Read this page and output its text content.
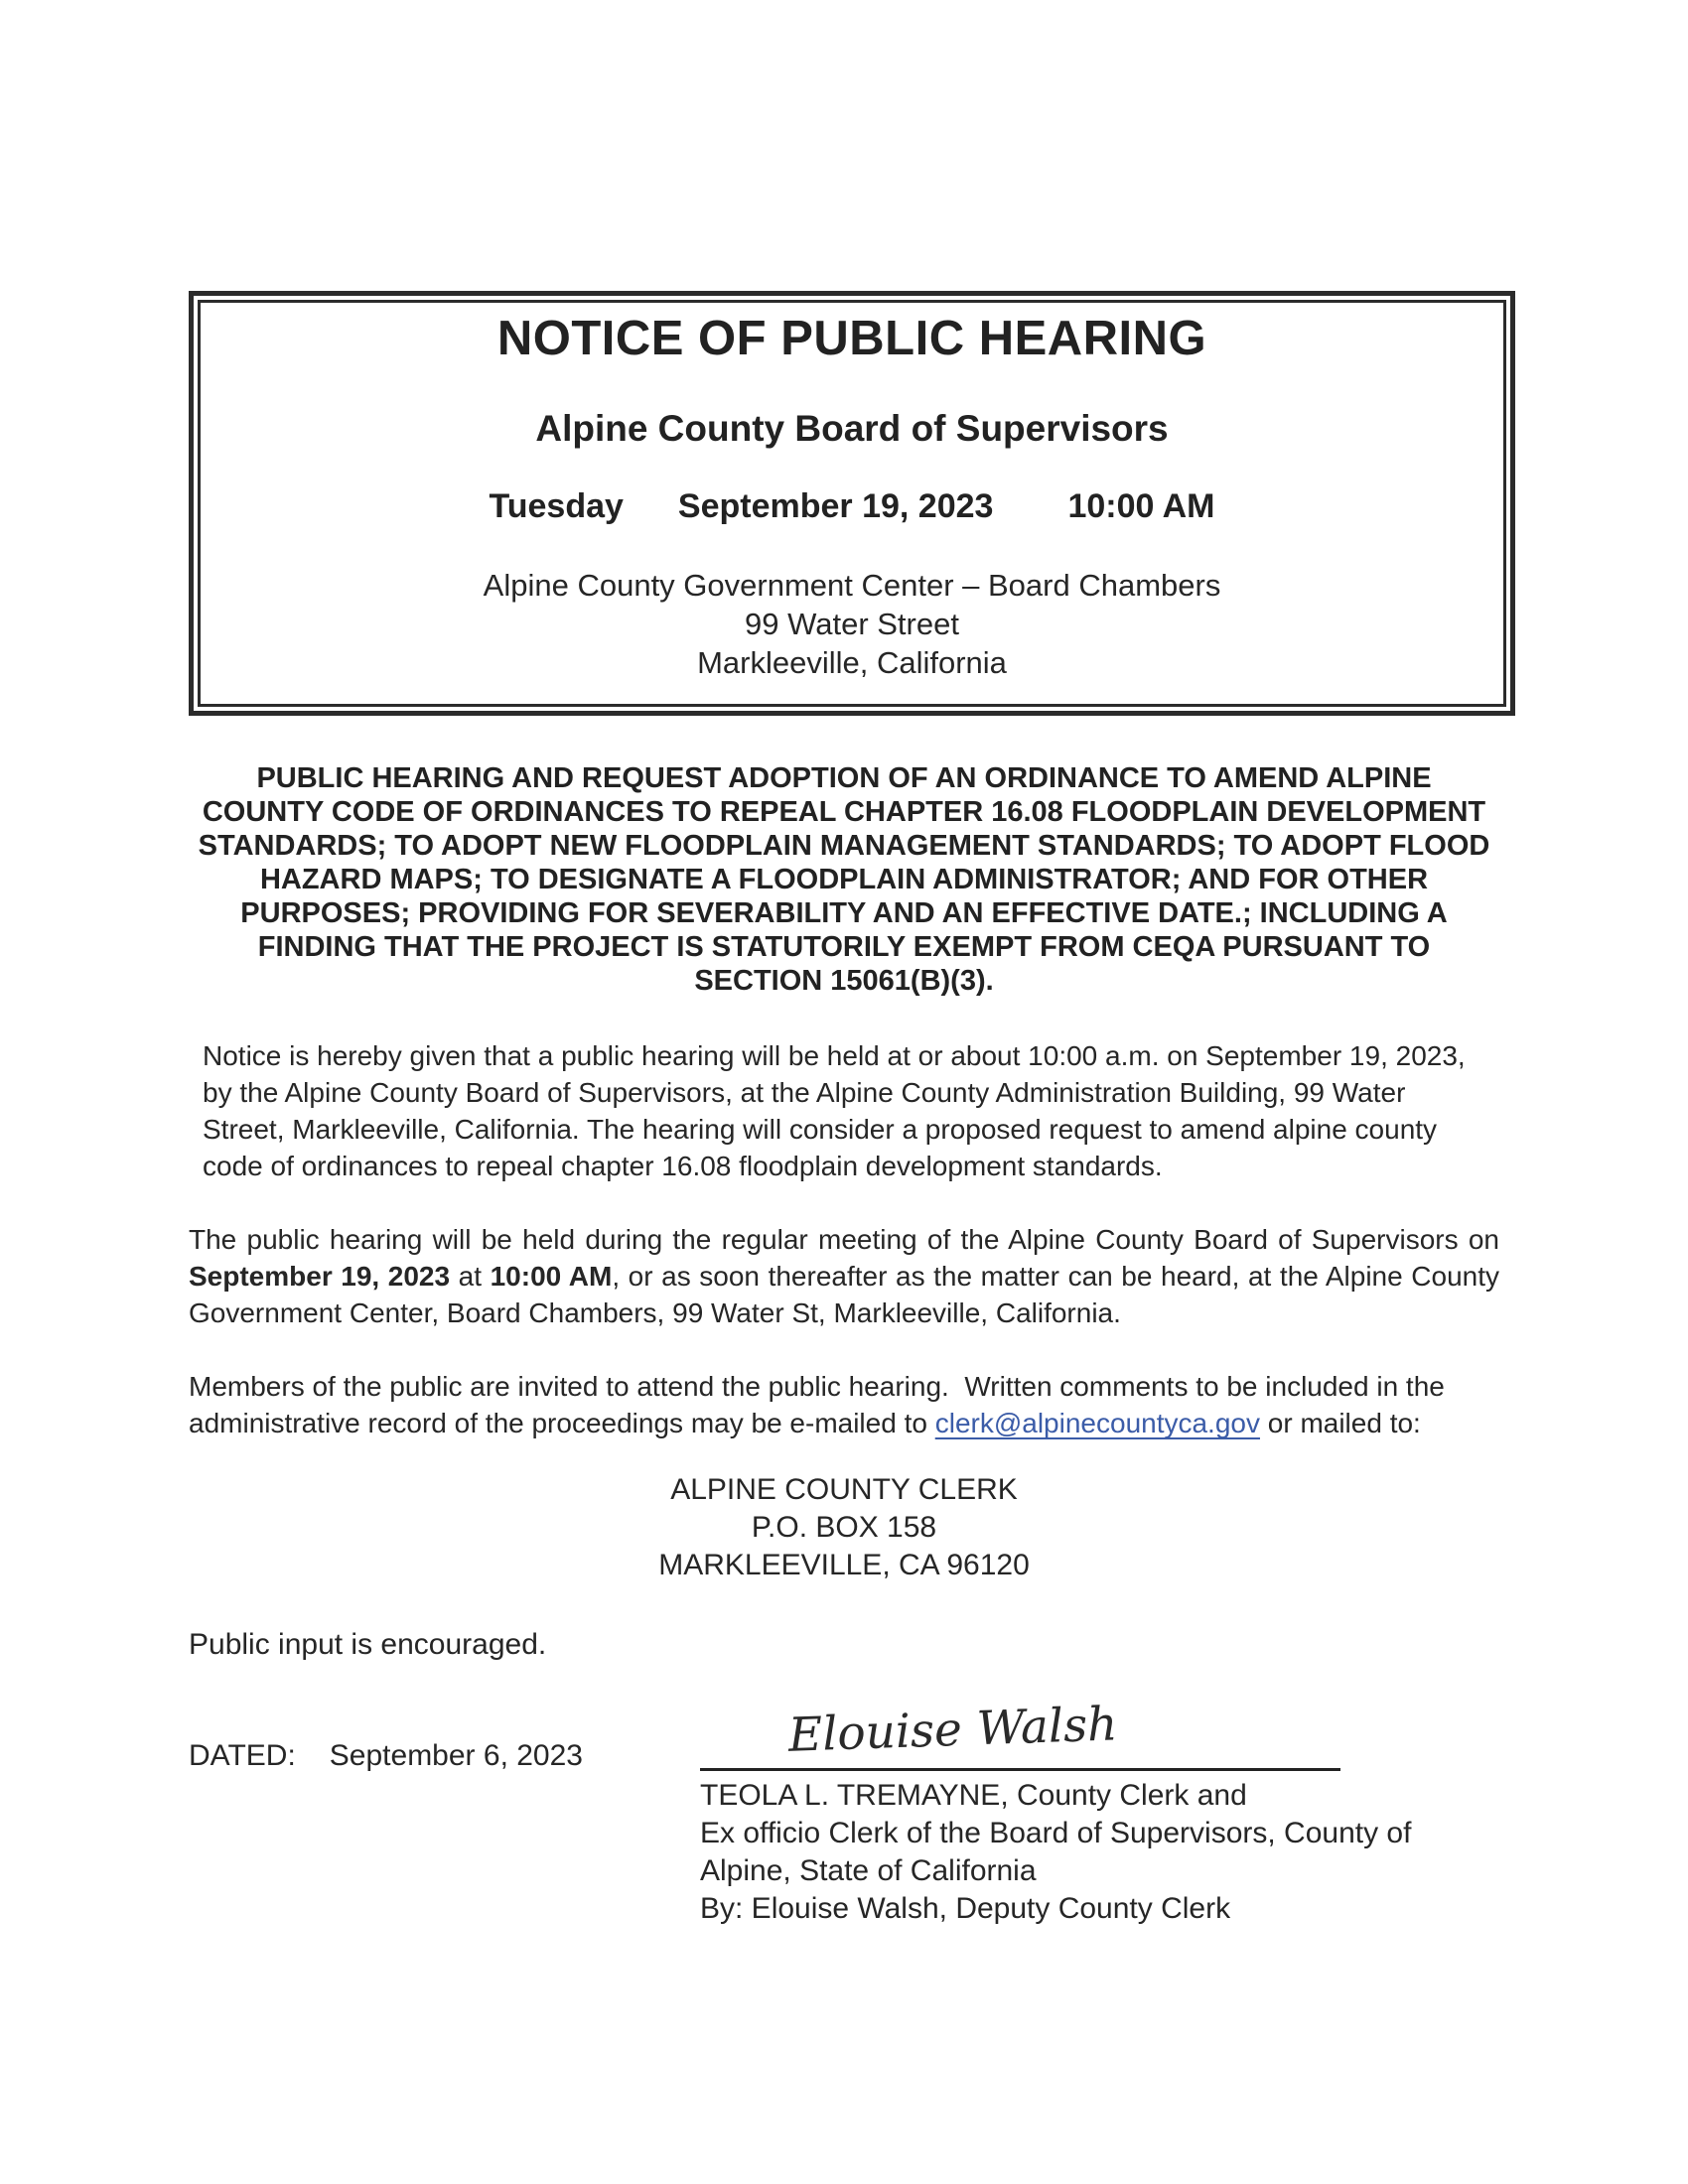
NOTICE OF PUBLIC HEARING
Alpine County Board of Supervisors
Tuesday September 19, 2023 10:00 AM
Alpine County Government Center – Board Chambers
99 Water Street
Markleeville, California

PUBLIC HEARING AND REQUEST ADOPTION OF AN ORDINANCE TO AMEND ALPINE COUNTY CODE OF ORDINANCES TO REPEAL CHAPTER 16.08 FLOODPLAIN DEVELOPMENT STANDARDS; TO ADOPT NEW FLOODPLAIN MANAGEMENT STANDARDS; TO ADOPT FLOOD HAZARD MAPS; TO DESIGNATE A FLOODPLAIN ADMINISTRATOR; AND FOR OTHER PURPOSES; PROVIDING FOR SEVERABILITY AND AN EFFECTIVE DATE.; INCLUDING A FINDING THAT THE PROJECT IS STATUTORILY EXEMPT FROM CEQA PURSUANT TO SECTION 15061(B)(3).

Notice is hereby given that a public hearing will be held at or about 10:00 a.m. on September 19, 2023, by the Alpine County Board of Supervisors, at the Alpine County Administration Building, 99 Water Street, Markleeville, California. The hearing will consider a proposed request to amend alpine county code of ordinances to repeal chapter 16.08 floodplain development standards.

The public hearing will be held during the regular meeting of the Alpine County Board of Supervisors on September 19, 2023 at 10:00 AM, or as soon thereafter as the matter can be heard, at the Alpine County Government Center, Board Chambers, 99 Water St, Markleeville, California.

Members of the public are invited to attend the public hearing.  Written comments to be included in the administrative record of the proceedings may be e-mailed to clerk@alpinecountyca.gov or mailed to:

ALPINE COUNTY CLERK
P.O. BOX 158
MARKLEEVILLE, CA 96120

Public input is encouraged.

DATED: September 6, 2023	Elouise Walsh
TEOLA L. TREMAYNE, County Clerk and
Ex officio Clerk of the Board of Supervisors, County of
Alpine, State of California
By: Elouise Walsh, Deputy County Clerk
